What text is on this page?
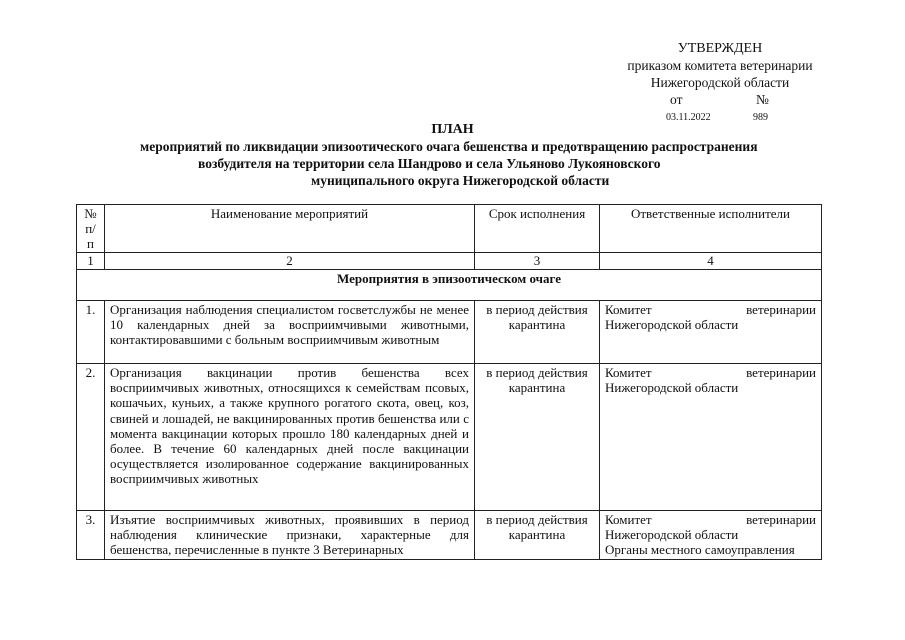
УТВЕРЖДЕН
приказом комитета ветеринарии
Нижегородской области
от	№
03.11.2022	989
ПЛАН
мероприятий по ликвидации эпизоотического очага бешенства и предотвращению распространения
возбудителя на территории села Шандрово и села Ульяново Лукояновского
муниципального округа Нижегородской области
№ п/п	Наименование мероприятий	Срок исполнения	Ответственные исполнители
1	2	3	4
Мероприятия в эпизоотическом очаге			
1.	Организация наблюдения специалистом госветслужбы не менее 10 календарных дней за восприимчивыми животными, контактировавшими с больным восприимчивым животным	в период действия карантина	Комитет ветеринарии
Нижегородской области

2.	Организация вакцинации против бешенства всех восприимчивых животных, относящихся к семействам псовых, кошачьих, куньих, а также крупного рогатого скота, овец, коз, свиней и лошадей, не вакцинированных против бешенства или с момента вакцинации которых прошло 180 календарных дней и более. В течение 60 календарных дней после вакцинации осуществляется изолированное содержание вакцинированных восприимчивых животных	в период действия карантина	Комитет ветеринарии
Нижегородской области

3.	Изъятие восприимчивых животных, проявивших в период наблюдения клинические признаки, характерные для бешенства, перечисленные в пункте 3 Ветеринарных	в период действия карантина	Комитет ветеринарии
Нижегородской области
Органы местного самоуправления
